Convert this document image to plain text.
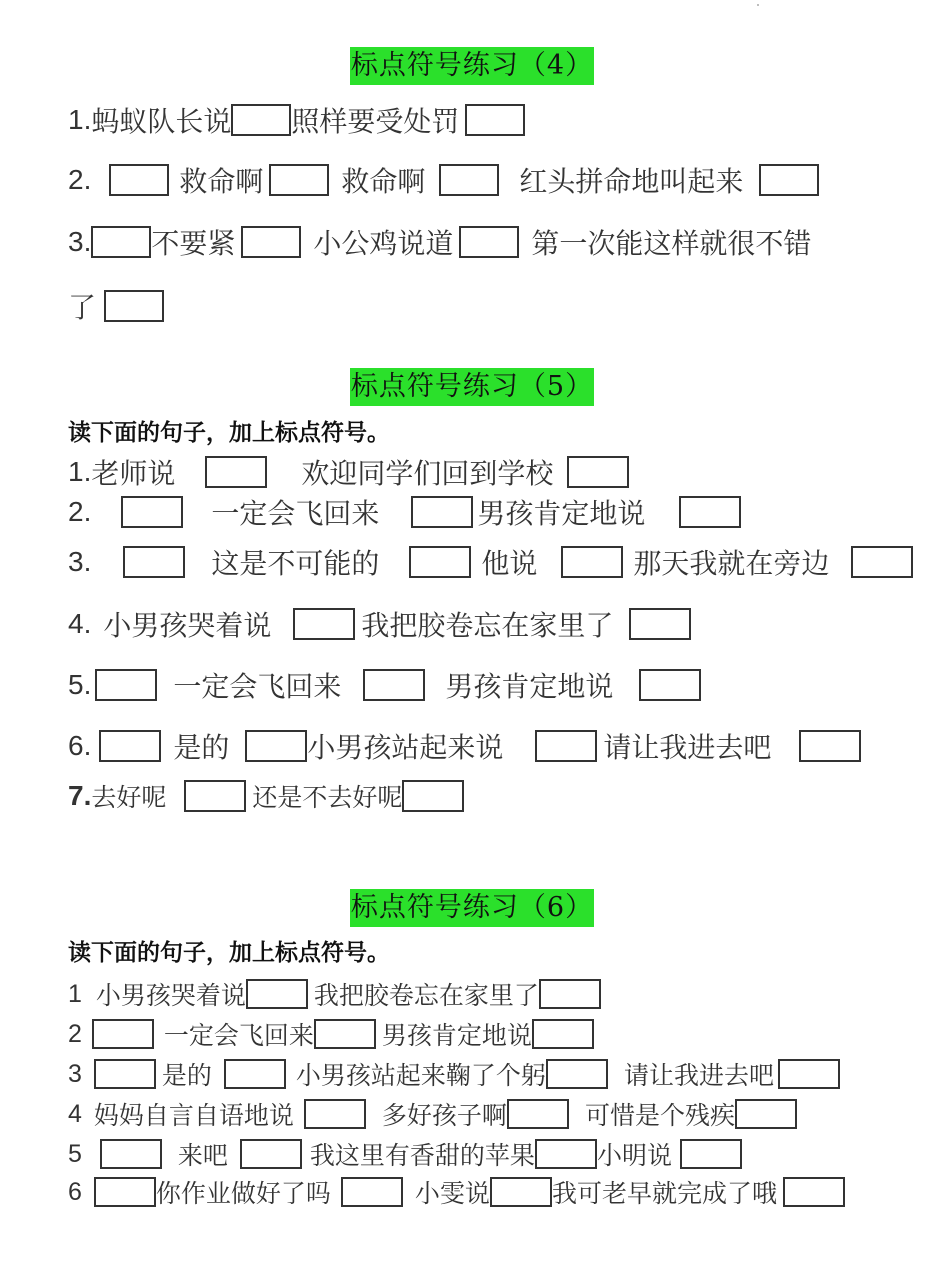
标点符号练习（4）
1. 蚂蚁队长说 照样要受处罚
2.	救命啊	救命啊	红头拼命地叫起来
3. 不要紧	小公鸡说道	第一次能这样就很不错
了
标点符号练习（5）
读下面的句子，加上标点符号。
1. 老师说	欢迎同学们回到学校
2.	一定会飞回来	男孩肯定地说
3.	这是不可能的	他说	那天我就在旁边
4. 小男孩哭着说	我把胶卷忘在家里了
5.	一定会飞回来	男孩肯定地说
6.	是的	小男孩站起来说	请让我进去吧
7. 去好呢	还是不去好呢
标点符号练习（6）
读下面的句子，加上标点符号。
1 小男孩哭着说	我把胶卷忘在家里了
2	一定会飞回来	男孩肯定地说
3	是的	小男孩站起来鞠了个躬	请让我进去吧
4 妈妈自言自语地说	多好孩子啊	可惜是个残疾
5	来吧	我这里有香甜的苹果 小明说
6	你作业做好了吗	小雯说 我可老早就完成了哦
